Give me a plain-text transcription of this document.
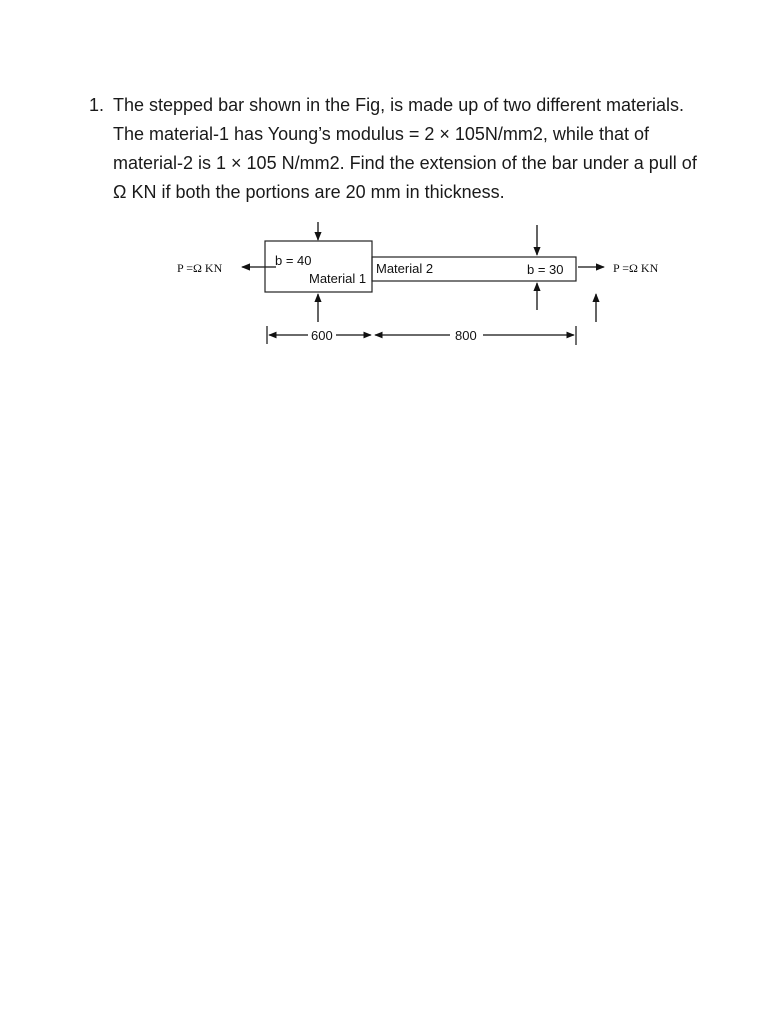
1. The stepped bar shown in the Fig, is made up of two different materials. The material-1 has Young’s modulus = 2 × 105N/mm2, while that of material-2 is 1 × 105 N/mm2. Find the extension of the bar under a pull of Ω KN if both the portions are 20 mm in thickness.
P =Ω KN	b = 40
Material 1
Material 2	b = 30	P =Ω KN
600	800
